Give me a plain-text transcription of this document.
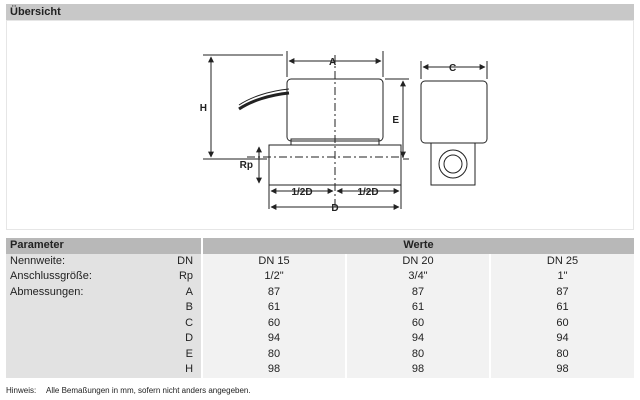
Übersicht
A
C
H
E
Rp
1/2D	1/2D
D
Parameter		Werte		
Nennweite:	DN	DN 15	DN 20	DN 25
Anschlussgröße:	Rp	1/2"	3/4"	1"
Abmessungen:	A	87	87	87
	B	61	61	61
	C	60	60	60
	D	94	94	94
	E	80	80	80
	H	98	98	98
Hinweis: Alle Bemaßungen in mm, sofern nicht anders angegeben.
